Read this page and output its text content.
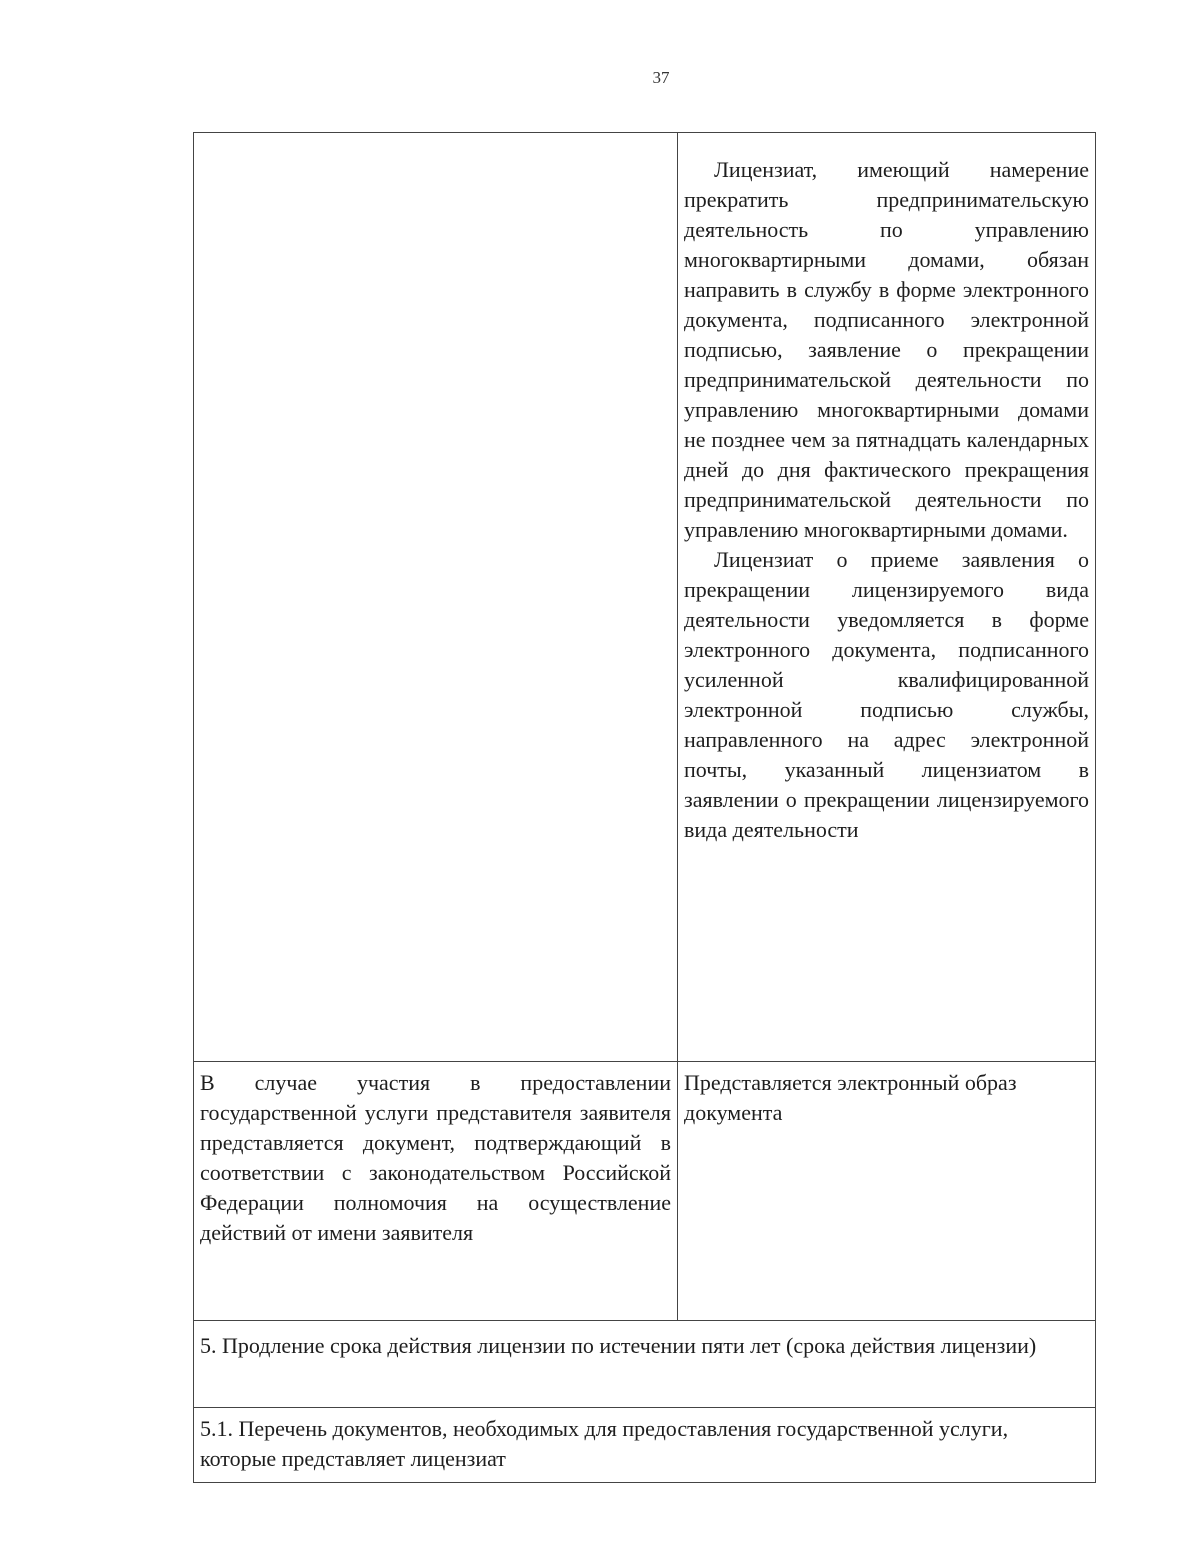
37

	Лицензиат, имеющий намерение прекратить предпринимательскую деятельность по управлению многоквартирными домами, обязан направить в службу в форме электронного документа, подписанного электронной подписью, заявление о прекращении предпринимательской деятельности по управлению многоквартирными домами не позднее чем за пятнадцать календарных дней до дня фактического прекращения предпринимательской деятельности по управлению многоквартирными домами.

Лицензиат о приеме заявления о прекращении лицензируемого вида деятельности уведомляется в форме электронного документа, подписанного усиленной квалифицированной электронной подписью службы, направленного на адрес электронной почты, указанный лицензиатом в заявлении о прекращении лицензируемого вида деятельности

В случае участия в предоставлении государственной услуги представителя заявителя представляется документ, подтверждающий в соответствии с законодательством Российской Федерации полномочия на осуществление действий от имени заявителя	Представляется электронный образ документа
5. Продление срока действия лицензии по истечении пяти лет (срока действия лицензии)	
5.1. Перечень документов, необходимых для предоставления государственной услуги, которые представляет лицензиат	
